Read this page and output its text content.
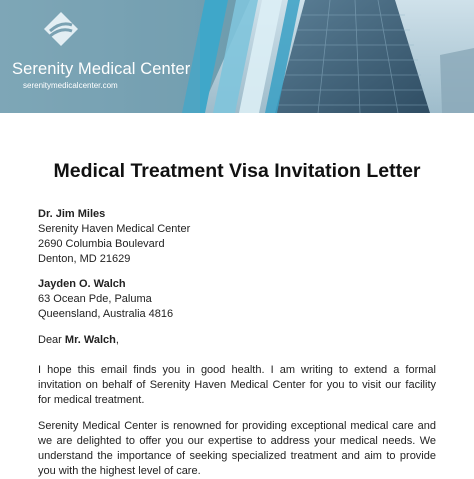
Serenity Medical Center
serenitymedicalcenter.com
Medical Treatment Visa Invitation Letter
Dr. Jim Miles
Serenity Haven Medical Center
2690 Columbia Boulevard
Denton, MD 21629
Jayden O. Walch
63 Ocean Pde, Paluma
Queensland, Australia 4816
Dear Mr. Walch,
I hope this email finds you in good health. I am writing to extend a formal invitation on behalf of Serenity Haven Medical Center for you to visit our facility for medical treatment.
Serenity Medical Center is renowned for providing exceptional medical care and we are delighted to offer you our expertise to address your medical needs. We understand the importance of seeking specialized treatment and aim to provide you with the highest level of care.
